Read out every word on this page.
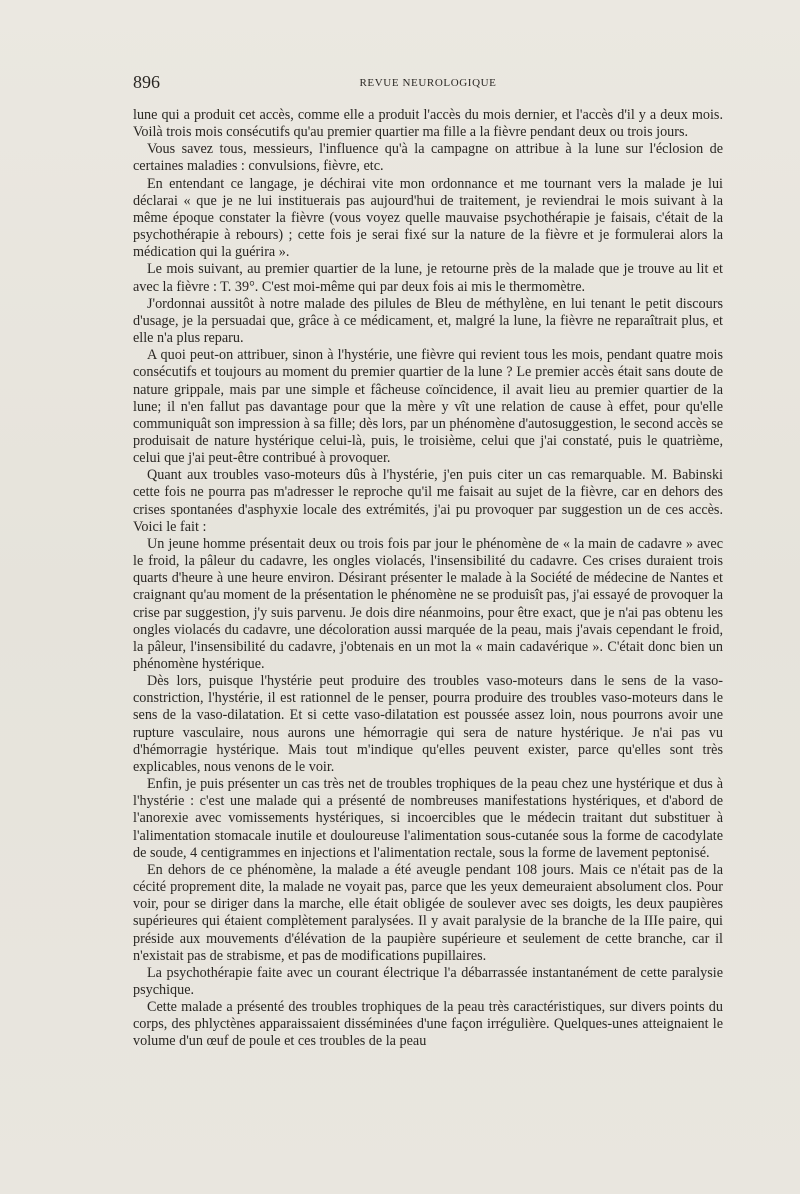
896	REVUE NEUROLOGIQUE

lune qui a produit cet accès, comme elle a produit l'accès du mois dernier, et l'accès d'il y a deux mois. Voilà trois mois consécutifs qu'au premier quartier ma fille a la fièvre pendant deux ou trois jours.

Vous savez tous, messieurs, l'influence qu'à la campagne on attribue à la lune sur l'éclosion de certaines maladies : convulsions, fièvre, etc.

En entendant ce langage, je déchirai vite mon ordonnance et me tournant vers la malade je lui déclarai « que je ne lui instituerais pas aujourd'hui de traitement, je reviendrai le mois suivant à la même époque constater la fièvre (vous voyez quelle mauvaise psychothérapie je faisais, c'était de la psychothérapie à rebours) ; cette fois je serai fixé sur la nature de la fièvre et je formulerai alors la médication qui la guérira ».

Le mois suivant, au premier quartier de la lune, je retourne près de la malade que je trouve au lit et avec la fièvre : T. 39°. C'est moi-même qui par deux fois ai mis le thermomètre.

J'ordonnai aussitôt à notre malade des pilules de Bleu de méthylène, en lui tenant le petit discours d'usage, je la persuadai que, grâce à ce médicament, et, malgré la lune, la fièvre ne reparaîtrait plus, et elle n'a plus reparu.

A quoi peut-on attribuer, sinon à l'hystérie, une fièvre qui revient tous les mois, pendant quatre mois consécutifs et toujours au moment du premier quartier de la lune ? Le premier accès était sans doute de nature grippale, mais par une simple et fâcheuse coïncidence, il avait lieu au premier quartier de la lune; il n'en fallut pas davantage pour que la mère y vît une relation de cause à effet, pour qu'elle communiquât son impression à sa fille; dès lors, par un phénomène d'autosuggestion, le second accès se produisait de nature hystérique celui-là, puis, le troisième, celui que j'ai constaté, puis le quatrième, celui que j'ai peut-être contribué à provoquer.

Quant aux troubles vaso-moteurs dûs à l'hystérie, j'en puis citer un cas remarquable. M. Babinski cette fois ne pourra pas m'adresser le reproche qu'il me faisait au sujet de la fièvre, car en dehors des crises spontanées d'asphyxie locale des extrémités, j'ai pu provoquer par suggestion un de ces accès. Voici le fait :

Un jeune homme présentait deux ou trois fois par jour le phénomène de « la main de cadavre » avec le froid, la pâleur du cadavre, les ongles violacés, l'insensibilité du cadavre. Ces crises duraient trois quarts d'heure à une heure environ. Désirant présenter le malade à la Société de médecine de Nantes et craignant qu'au moment de la présentation le phénomène ne se produisît pas, j'ai essayé de provoquer la crise par suggestion, j'y suis parvenu. Je dois dire néanmoins, pour être exact, que je n'ai pas obtenu les ongles violacés du cadavre, une décoloration aussi marquée de la peau, mais j'avais cependant le froid, la pâleur, l'insensibilité du cadavre, j'obtenais en un mot la « main cadavérique ». C'était donc bien un phénomène hystérique.

Dès lors, puisque l'hystérie peut produire des troubles vaso-moteurs dans le sens de la vaso-constriction, l'hystérie, il est rationnel de le penser, pourra produire des troubles vaso-moteurs dans le sens de la vaso-dilatation. Et si cette vaso-dilatation est poussée assez loin, nous pourrons avoir une rupture vasculaire, nous aurons une hémorragie qui sera de nature hystérique. Je n'ai pas vu d'hémorragie hystérique. Mais tout m'indique qu'elles peuvent exister, parce qu'elles sont très explicables, nous venons de le voir.

Enfin, je puis présenter un cas très net de troubles trophiques de la peau chez une hystérique et dus à l'hystérie : c'est une malade qui a présenté de nombreuses manifestations hystériques, et d'abord de l'anorexie avec vomissements hystériques, si incoercibles que le médecin traitant dut substituer à l'alimentation stomacale inutile et douloureuse l'alimentation sous-cutanée sous la forme de cacodylate de soude, 4 centigrammes en injections et l'alimentation rectale, sous la forme de lavement peptonisé.

En dehors de ce phénomène, la malade a été aveugle pendant 108 jours. Mais ce n'était pas de la cécité proprement dite, la malade ne voyait pas, parce que les yeux demeuraient absolument clos. Pour voir, pour se diriger dans la marche, elle était obligée de soulever avec ses doigts, les deux paupières supérieures qui étaient complètement paralysées. Il y avait paralysie de la branche de la IIIe paire, qui préside aux mouvements d'élévation de la paupière supérieure et seulement de cette branche, car il n'existait pas de strabisme, et pas de modifications pupillaires.

La psychothérapie faite avec un courant électrique l'a débarrassée instantanément de cette paralysie psychique.

Cette malade a présenté des troubles trophiques de la peau très caractéristiques, sur divers points du corps, des phlyctènes apparaissaient disséminées d'une façon irrégulière. Quelques-unes atteignaient le volume d'un œuf de poule et ces troubles de la peau
